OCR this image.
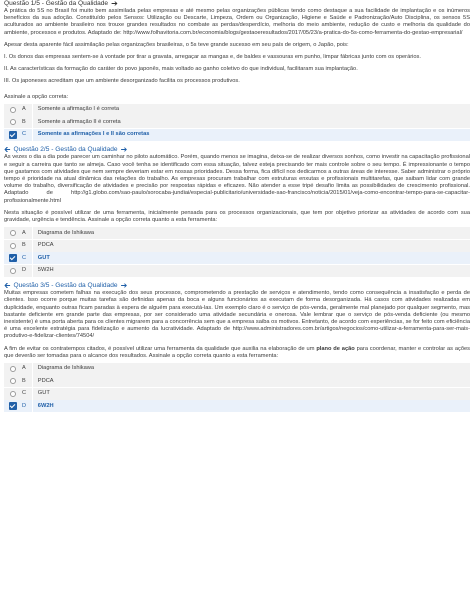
Questão 1/5 - Gestão da Qualidade ➔

A prática do 5S no Brasil foi muito bem assimilada pelas empresas e até mesmo pelas organizações públicas tendo como destaque a sua facilidade de implantação e os inúmeros benefícios da sua adoção. Constituído pelos Sensos: Utilização ou Descarte, Limpeza, Ordem ou Organização, Higiene e Saúde e Padronização/Auto Disciplina, os sensos 5S aculturados ao ambiente brasileiro nos trouxe grandes resultados no combate as perdas/desperdício, melhoria do meio ambiente, redução de custo e melhoria da qualidade do ambiente, processos e produtos. Adaptado de: http://www.folhavitoria.com.br/economia/blogs/gestaoeresultados/2017/05/23/a-pratica-do-5s-como-ferramenta-do-gestao-empresarial/

Apesar desta aparente fácil assimilação pelas organizações brasileiras, o 5s teve grande sucesso em seu país de origem, o Japão, pois:

I. Os donos das empresas sentem-se à vontade por tirar a gravata, arregaçar as mangas e, de baldes e vassouras em punho, limpar fábricas junto com os operários.

II. As características da formação do caráter do povo japonês, mais voltado ao ganho coletivo do que individual, facilitaram sua implantação.

III. Os japoneses acreditam que um ambiente desorganizado facilita os processos produtivos.

Assinale a opção correta:

A	Somente a afirmação I é correta
B	Somente a afirmação II é correta
C	Somente as afirmações I e II são corretas
🡰 Questão 2/5 - Gestão da Qualidade ➔

As vezes o dia a dia pode parecer um caminhar no piloto automático. Porém, quando menos se imagina, deixa-se de realizar diversos sonhos, como investir na capacitação profissional e seguir a carreira que tanto se almeja. Caso você tenha se identificado com essa situação, talvez esteja precisando ter mais controle sobre o seu tempo. É impressionante o tempo que gastamos com atividades que nem sempre deveriam estar em nossas prioridades. Dessa forma, fica difícil nos dedicarmos a outras áreas de interesse. Saber administrar o próprio tempo é prioridade na atual dinâmica das relações do trabalho. As empresas procuram trabalhar com estruturas enxutas e profissionais multitarefas, que saibam lidar com grande volume do trabalho, diversificação de atividades e precisão por respostas rápidas e eficazes. Não atender a esse tripé desafio limita as possibilidades de crescimento profissional. Adaptado de http://g1.globo.com/sao-paulo/sorocaba-jundiai/especial-publicitario/universidade-sao-francisco/noticia/2015/01/veja-como-encontrar-tempo-para-se-capacitar-profissionalmente.html

Nesta situação é possível utilizar de uma ferramenta, inicialmente pensada para os processos organizacionais, que tem por objetivo priorizar as atividades de acordo com sua gravidade, urgência e tendência. Assinale a opção correta quanto a esta ferramenta:

A	Diagrama de Ishikawa
B	PDCA
C	GUT
D	5W2H
🡰 Questão 3/5 - Gestão da Qualidade ➔

Muitas empresas cometem falhas na execução dos seus processos, comprometendo a prestação de serviços e atendimento, tendo como consequência a insatisfação e perda de clientes. Isso ocorre porque muitas tarefas são definidas apenas da boca e alguns funcionários as executam de forma desorganizada. Há casos com atividades realizadas em duplicidade, enquanto outras ficam paradas à espera de alguém para executá-las. Um exemplo claro é o serviço de pós-venda, geralmente mal planejado por qualquer segmento, mas bastante deficiente em grande parte das empresas, por ser considerado uma atividade secundária e onerosa. Vale lembrar que o serviço de pós-venda deficiente (ou mesmo inexistente) é uma porta aberta para os clientes migrarem para a concorrência sem que a empresa saiba os motivos. Entretanto, de acordo com experiências, se for feito com eficiência é uma excelente estratégia para fidelização e aumento da lucratividade. Adaptado de http://www.administradores.com.br/artigos/negocios/como-utilizar-a-ferramenta-para-ser-mais-produtivo-e-fidelizar-clientes/74504/

A fim de evitar os contratempos citados, é possível utilizar uma ferramenta da qualidade que auxilia na elaboração de um plano de ação para coordenar, manter e controlar as ações que deverão ser tomadas para o alcance dos resultados. Assinale a opção correta quanto a esta ferramenta:

A	Diagrama de Ishikawa
B	PDCA
C	GUT
D	6W2H
